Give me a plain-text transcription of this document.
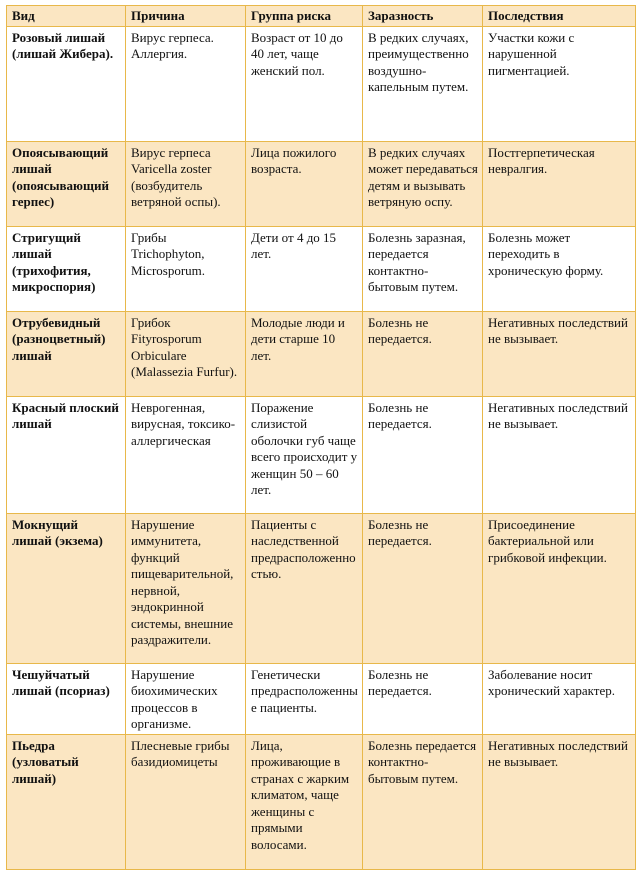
Вид	Причина	Группа риска	Заразность	Последствия
Розовый лишай (лишай Жибера).	Вирус герпеса. Аллергия.	Возраст от 10 до 40 лет, чаще женский пол.	В редких случаях, преимущественно воздушно-капельным путем.	Участки кожи с нарушенной пигментацией.
Опоясывающий лишай (опоясывающий герпес)	Вирус герпеса Varicella zoster (возбудитель ветряной оспы).	Лица пожилого возраста.	В редких случаях может передаваться детям и вызывать ветряную оспу.	Постгерпетическая невралгия.
Стригущий лишай (трихофития, микроспория)	Грибы Trichophyton, Microsporum.	Дети от 4 до 15 лет.	Болезнь заразная, передается контактно-бытовым путем.	Болезнь может переходить в хроническую форму.
Отрубевидный (разноцветный) лишай	Грибок Fityrosporum Orbiculare (Malassezia Furfur).	Молодые люди и дети старше 10 лет.	Болезнь не передается.	Негативных последствий не вызывает.
Красный плоский лишай	Неврогенная, вирусная, токсико-аллергическая	Поражение слизистой оболочки губ чаще всего происходит у женщин 50 – 60 лет.	Болезнь не передается.	Негативных последствий не вызывает.
Мокнущий лишай (экзема)	Нарушение иммунитета, функций пищеварительной, нервной, эндокринной системы, внешние раздражители.	Пациенты с наследственной предрасположенностью.	Болезнь не передается.	Присоединение бактериальной или грибковой инфекции.
Чешуйчатый лишай (псориаз)	Нарушение биохимических процессов в организме.	Генетически предрасположенные пациенты.	Болезнь не передается.	Заболевание носит хронический характер.
Пьедра (узловатый лишай)	Плесневые грибы базидиомицеты	Лица, проживающие в странах с жарким климатом, чаще женщины с прямыми волосами.	Болезнь передается контактно-бытовым путем.	Негативных последствий не вызывает.
